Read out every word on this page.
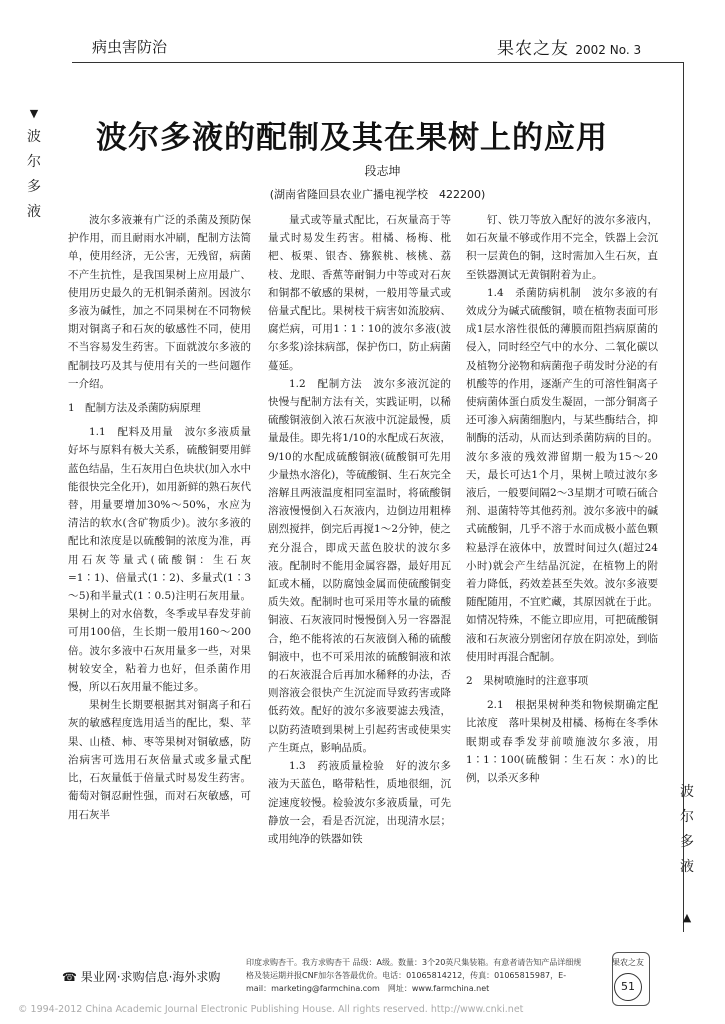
病虫害防治	果农之友 2002 No. 3
▼
波
尔
多
液
波
尔
多
液
▲
波尔多液的配制及其在果树上的应用
段志坤
(湖南省隆回县农业广播电视学校　422200)

波尔多液兼有广泛的杀菌及预防保护作用，而且耐雨水冲刷，配制方法简单，使用经济，无公害，无残留，病菌不产生抗性，是我国果树上应用最广、使用历史最久的无机铜杀菌剂。因波尔多液为碱性，加之不同果树在不同物候期对铜离子和石灰的敏感性不同，使用不当容易发生药害。下面就波尔多液的配制技巧及其与使用有关的一些问题作一介绍。

1　配制方法及杀菌防病原理

1.1　配料及用量　波尔多液质量好坏与原料有极大关系，硫酸铜要用鲜蓝色结晶，生石灰用白色块状(加入水中能很快完全化开)，如用新鲜的熟石灰代替，用量要增加30%～50%，水应为清洁的软水(含矿物质少)。波尔多液的配比和浓度是以硫酸铜的浓度为准，再用石灰等量式(硫酸铜：生石灰=1∶1)、倍量式(1∶2)、多量式(1∶3～5)和半量式(1∶0.5)注明石灰用量。果树上的对水倍数，冬季或早春发芽前可用100倍，生长期一般用160～200倍。波尔多液中石灰用量多一些，对果树较安全，粘着力也好，但杀菌作用慢，所以石灰用量不能过多。

果树生长期要根据其对铜离子和石灰的敏感程度选用适当的配比，梨、苹果、山楂、柿、枣等果树对铜敏感，防治病害可选用石灰倍量式或多量式配比，石灰量低于倍量式时易发生药害。葡萄对铜忍耐性强，而对石灰敏感，可用石灰半

量式或等量式配比，石灰量高于等量式时易发生药害。柑橘、杨梅、枇杷、板栗、银杏、猕猴桃、核桃、荔枝、龙眼、香蕉等耐铜力中等或对石灰和铜都不敏感的果树，一般用等量式或倍量式配比。果树枝干病害如流胶病、腐烂病，可用1∶1∶10的波尔多液(波尔多浆)涂抹病部，保护伤口，防止病菌蔓延。

1.2　配制方法　波尔多液沉淀的快慢与配制方法有关，实践证明，以稀硫酸铜液倒入浓石灰液中沉淀最慢，质量最佳。即先将1/10的水配成石灰液，9/10的水配成硫酸铜液(硫酸铜可先用少量热水溶化)，等硫酸铜、生石灰完全溶解且两液温度相同室温时，将硫酸铜溶液慢慢倒入石灰液内，边倒边用粗棒剧烈搅拌，倒完后再搅1～2分钟，使之充分混合，即成天蓝色胶状的波尔多液。配制时不能用金属容器，最好用瓦缸或木桶，以防腐蚀金属而使硫酸铜变质失效。配制时也可采用等水量的硫酸铜液、石灰液同时慢慢倒入另一容器混合，绝不能将浓的石灰液倒入稀的硫酸铜液中，也不可采用浓的硫酸铜液和浓的石灰液混合后再加水稀释的办法，否则溶液会很快产生沉淀而导致药害或降低药效。配好的波尔多液要滤去残渣，以防药渣喷到果树上引起药害或使果实产生斑点，影响品质。

1.3　药液质量检验　好的波尔多液为天蓝色，略带粘性，质地很细，沉淀速度较慢。检验波尔多液质量，可先静放一会，看是否沉淀，出现清水层；或用纯净的铁器如铁

钉、铁刀等放入配好的波尔多液内，如石灰量不够或作用不完全，铁器上会沉积一层黄色的铜，这时需加入生石灰，直至铁器测试无黄铜附着为止。

1.4　杀菌防病机制　波尔多液的有效成分为碱式硫酸铜，喷在植物表面可形成1层水溶性很低的薄膜而阻挡病原菌的侵入，同时经空气中的水分、二氧化碳以及植物分泌物和病菌孢子萌发时分泌的有机酸等的作用，逐渐产生的可溶性铜离子使病菌体蛋白质发生凝固，一部分铜离子还可渗入病菌细胞内，与某些酶结合，抑制酶的活动，从而达到杀菌防病的目的。波尔多液的残效滞留期一般为15～20天，最长可达1个月，果树上喷过波尔多液后，一般要间隔2～3星期才可喷石硫合剂、退菌特等其他药剂。波尔多液中的碱式硫酸铜，几乎不溶于水而成极小蓝色颗粒悬浮在液体中，放置时间过久(超过24小时)就会产生结晶沉淀，在植物上的附着力降低，药效差甚至失效。波尔多液要随配随用，不宜贮藏，其原因就在于此。如情况特殊，不能立即应用，可把硫酸铜液和石灰液分别密闭存放在阴凉处，到临使用时再混合配制。

2　果树喷施时的注意事项

2.1　根据果树种类和物候期确定配比浓度　落叶果树及柑橘、杨梅在冬季休眠期或春季发芽前喷施波尔多液，用1∶1∶100(硫酸铜∶生石灰∶水)的比例，以杀灭多种

☎ 果业网·求购信息·海外求购
印度求购杏干。我方求购杏干 品级：A级。数量：3个20英尺集装箱。有意者请告知产品详细规格及装运期并报CNF加尔各答最优价。电话：01065814212，传真：01065815987，E-mail：marketing@farmchina.com　网址：www.farmchina.net
果农之友
51
© 1994-2012 China Academic Journal Electronic Publishing House. All rights reserved. http://www.cnki.net
